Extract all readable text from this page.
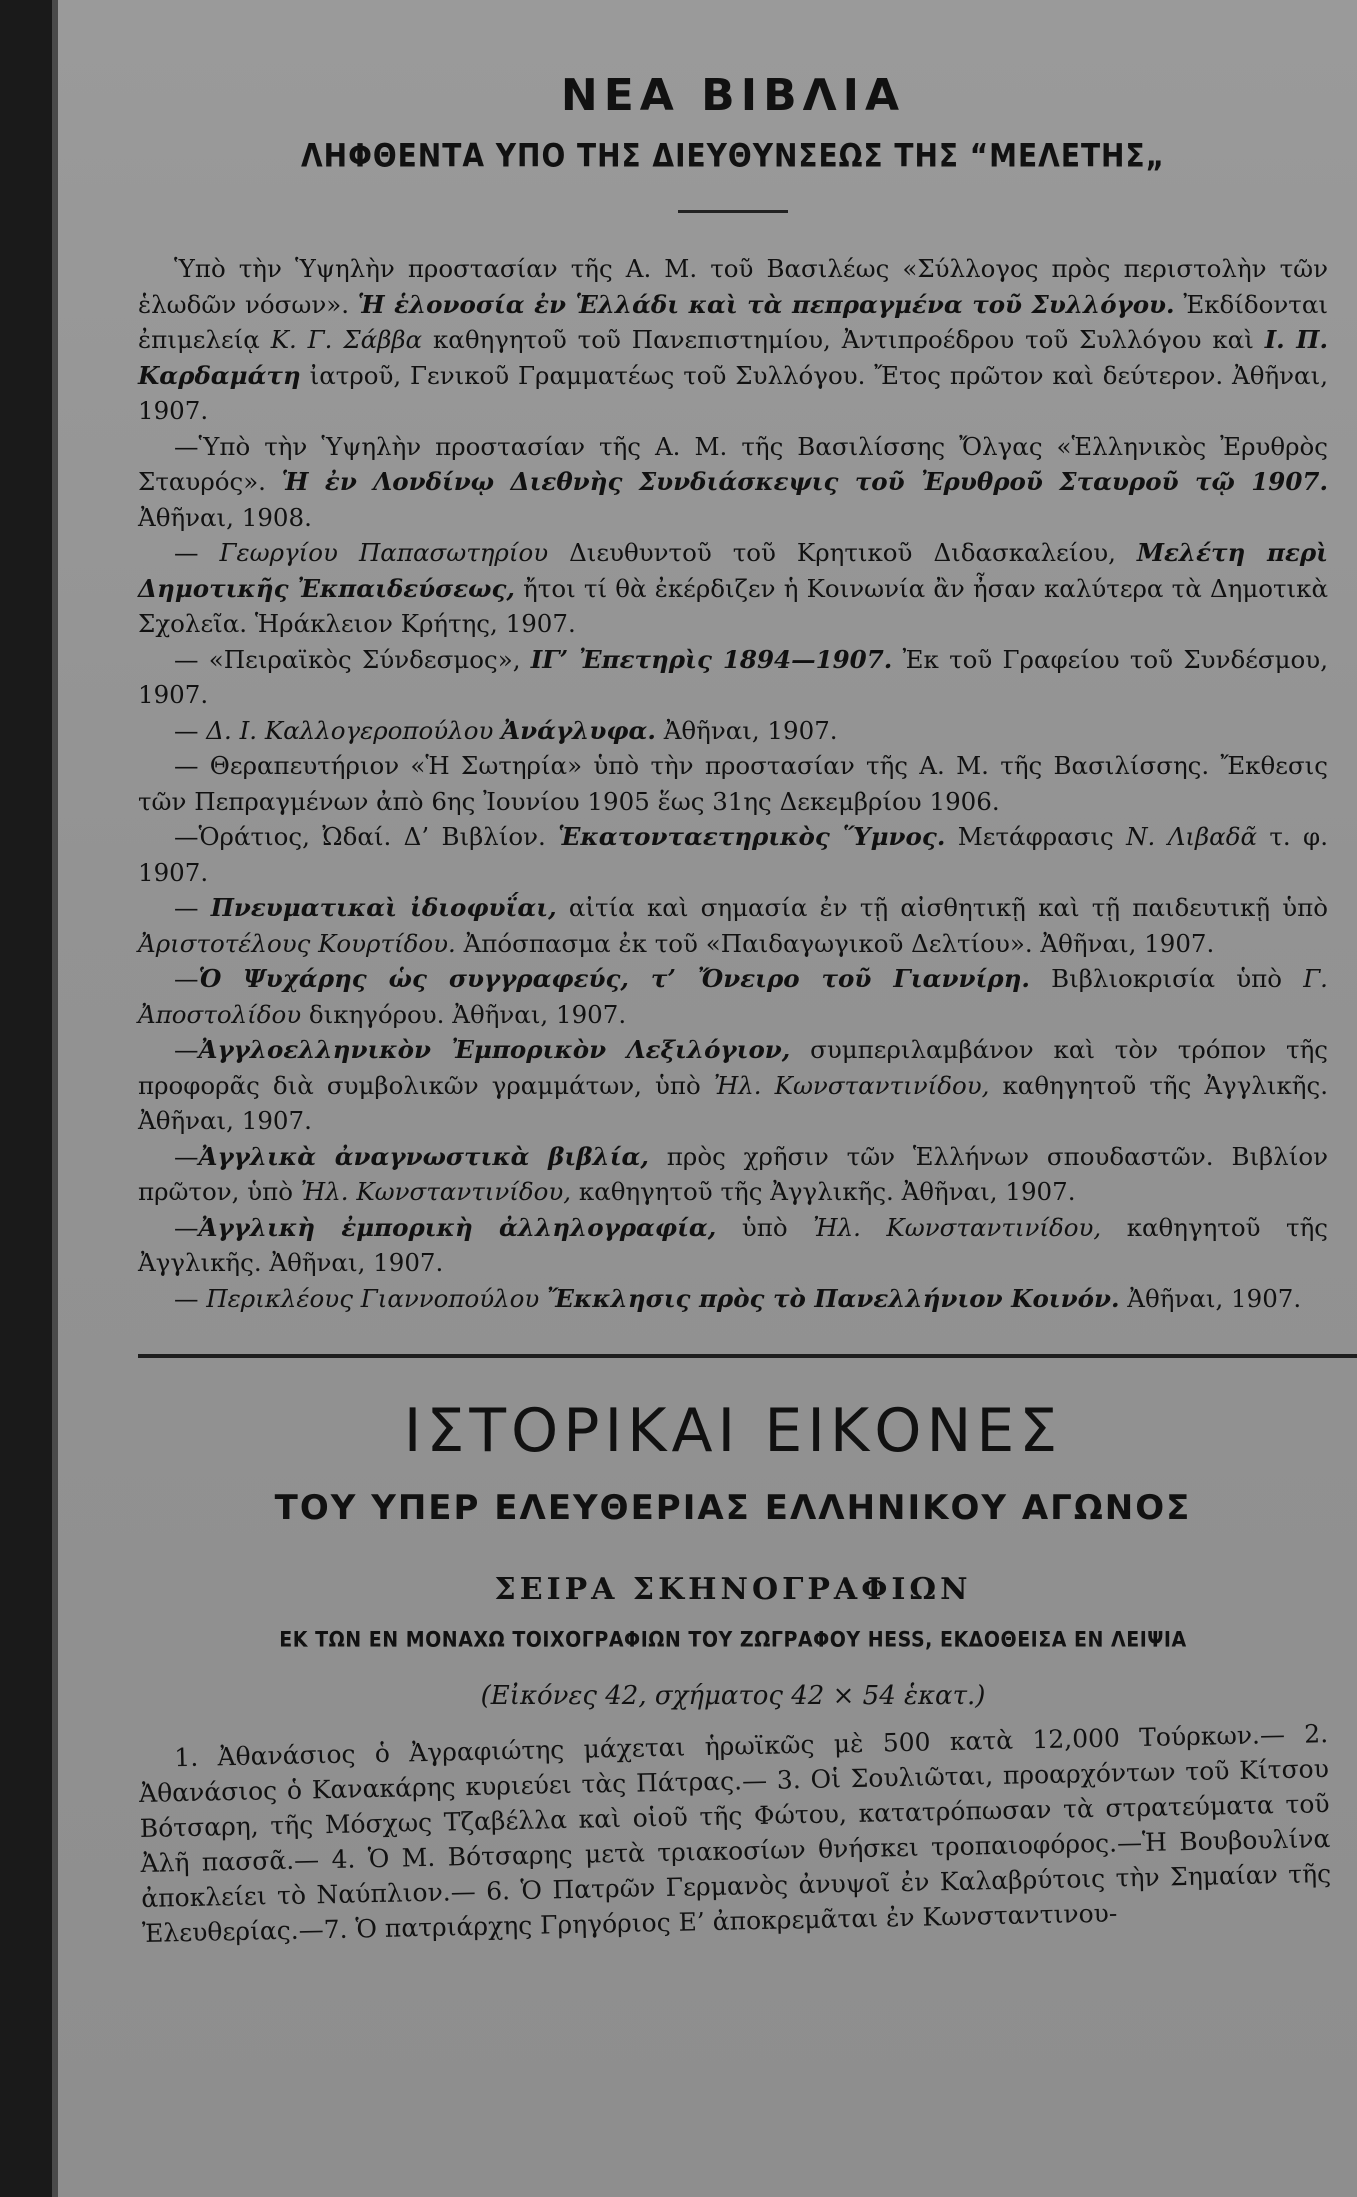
ΝΕΑ ΒΙΒΛΙΑ
ΛΗΦΘΕΝΤΑ ΥΠΟ ΤΗΣ ΔΙΕΥΘΥΝΣΕΩΣ ΤΗΣ “ΜΕΛΕΤΗΣ„
Ὑπὸ τὴν Ὑψηλὴν προστασίαν τῆς Α. Μ. τοῦ Βασιλέως «Σύλλογος πρὸς περιστολὴν τῶν ἑλωδῶν νόσων». Ἡ ἑλονοσία ἐν Ἑλλάδι καὶ τὰ πεπραγμένα τοῦ Συλλόγου. Ἐκδίδονται ἐπιμελείᾳ Κ. Γ. Σάββα καθηγητοῦ τοῦ Πανεπιστημίου, Ἀντιπροέδρου τοῦ Συλλόγου καὶ Ι. Π. Καρδαμάτη ἰατροῦ, Γενικοῦ Γραμματέως τοῦ Συλλόγου. Ἔτος πρῶτον καὶ δεύτερον. Ἀθῆναι, 1907.
—Ὑπὸ τὴν Ὑψηλὴν προστασίαν τῆς Α. Μ. τῆς Βασιλίσσης Ὄλγας «Ἑλληνικὸς Ἐρυθρὸς Σταυρός». Ἡ ἐν Λονδίνῳ Διεθνὴς Συνδιάσκεψις τοῦ Ἐρυθροῦ Σταυροῦ τῷ 1907. Ἀθῆναι, 1908.
— Γεωργίου Παπασωτηρίου Διευθυντοῦ τοῦ Κρητικοῦ Διδασκαλείου, Μελέτη περὶ Δημοτικῆς Ἐκπαιδεύσεως, ἤτοι τί θὰ ἐκέρδιζεν ἡ Κοινωνία ἂν ἦσαν καλύτερα τὰ Δημοτικὰ Σχολεῖα. Ἡράκλειον Κρήτης, 1907.
— «Πειραϊκὸς Σύνδεσμος», ΙΓ’ Ἐπετηρὶς 1894—1907. Ἐκ τοῦ Γραφείου τοῦ Συνδέσμου, 1907.
— Δ. Ι. Καλλογεροπούλου Ἀνάγλυφα. Ἀθῆναι, 1907.
— Θεραπευτήριον «Ἡ Σωτηρία» ὑπὸ τὴν προστασίαν τῆς Α. Μ. τῆς Βασιλίσσης. Ἔκθεσις τῶν Πεπραγμένων ἀπὸ 6ης Ἰουνίου 1905 ἕως 31ης Δεκεμβρίου 1906.
—Ὁράτιος, Ὠδαί. Δ’ Βιβλίον. Ἑκατονταετηρικὸς Ὕμνος. Μετάφρασις Ν. Λιβαδᾶ τ. φ. 1907.
— Πνευματικαὶ ἰδιοφυΐαι, αἰτία καὶ σημασία ἐν τῇ αἰσθητικῇ καὶ τῇ παιδευτικῇ ὑπὸ Ἀριστοτέλους Κουρτίδου. Ἀπόσπασμα ἐκ τοῦ «Παιδαγωγικοῦ Δελτίου». Ἀθῆναι, 1907.
—Ὁ Ψυχάρης ὡς συγγραφεύς, τ’ Ὄνειρο τοῦ Γιαννίρη. Βιβλιοκρισία ὑπὸ Γ. Ἀποστολίδου δικηγόρου. Ἀθῆναι, 1907.
—Ἀγγλοελληνικὸν Ἐμπορικὸν Λεξιλόγιον, συμπεριλαμβάνον καὶ τὸν τρόπον τῆς προφορᾶς διὰ συμβολικῶν γραμμάτων, ὑπὸ Ἠλ. Κωνσταντινίδου, καθηγητοῦ τῆς Ἀγγλικῆς. Ἀθῆναι, 1907.
—Ἀγγλικὰ ἀναγνωστικὰ βιβλία, πρὸς χρῆσιν τῶν Ἑλλήνων σπουδαστῶν. Βιβλίον πρῶτον, ὑπὸ Ἠλ. Κωνσταντινίδου, καθηγητοῦ τῆς Ἀγγλικῆς. Ἀθῆναι, 1907.
—Ἀγγλικὴ ἐμπορικὴ ἀλληλογραφία, ὑπὸ Ἠλ. Κωνσταντινίδου, καθηγητοῦ τῆς Ἀγγλικῆς. Ἀθῆναι, 1907.
— Περικλέους Γιαννοπούλου Ἔκκλησις πρὸς τὸ Πανελλήνιον Κοινόν. Ἀθῆναι, 1907.
ΙΣΤΟΡΙΚΑΙ ΕΙΚΟΝΕΣ
ΤΟΥ ΥΠΕΡ ΕΛΕΥΘΕΡΙΑΣ ΕΛΛΗΝΙΚΟΥ ΑΓΩΝΟΣ
ΣΕΙΡΑ ΣΚΗΝΟΓΡΑΦΙΩΝ
ΕΚ ΤΩΝ ΕΝ ΜΟΝΑΧΩ ΤΟΙΧΟΓΡΑΦΙΩΝ ΤΟΥ ΖΩΓΡΑΦΟΥ HESS, ΕΚΔΟΘΕΙΣΑ ΕΝ ΛΕΙΨΙΑ
(Εἰκόνες 42, σχήματος 42 × 54 ἑκατ.)

1. Ἀθανάσιος ὁ Ἀγραφιώτης μάχεται ἡρωϊκῶς μὲ 500 κατὰ 12,000 Τούρκων.— 2. Ἀθανάσιος ὁ Κανακάρης κυριεύει τὰς Πάτρας.— 3. Οἱ Σουλιῶται, προαρχόντων τοῦ Κίτσου Βότσαρη, τῆς Μόσχως Τζαβέλλα καὶ οἱοῦ τῆς Φώτου, κατατρόπωσαν τὰ στρατεύματα τοῦ Ἀλῆ πασσᾶ.— 4. Ὁ Μ. Βότσαρης μετὰ τριακοσίων θνήσκει τροπαιοφόρος.—Ἡ Βουβουλίνα ἀποκλείει τὸ Ναύπλιον.— 6. Ὁ Πατρῶν Γερμανὸς ἀνυψοῖ ἐν Καλαβρύτοις τὴν Σημαίαν τῆς Ἐλευθερίας.—7. Ὁ πατριάρχης Γρηγόριος Ε’ ἀποκρεμᾶται ἐν Κωνσταντινου-
